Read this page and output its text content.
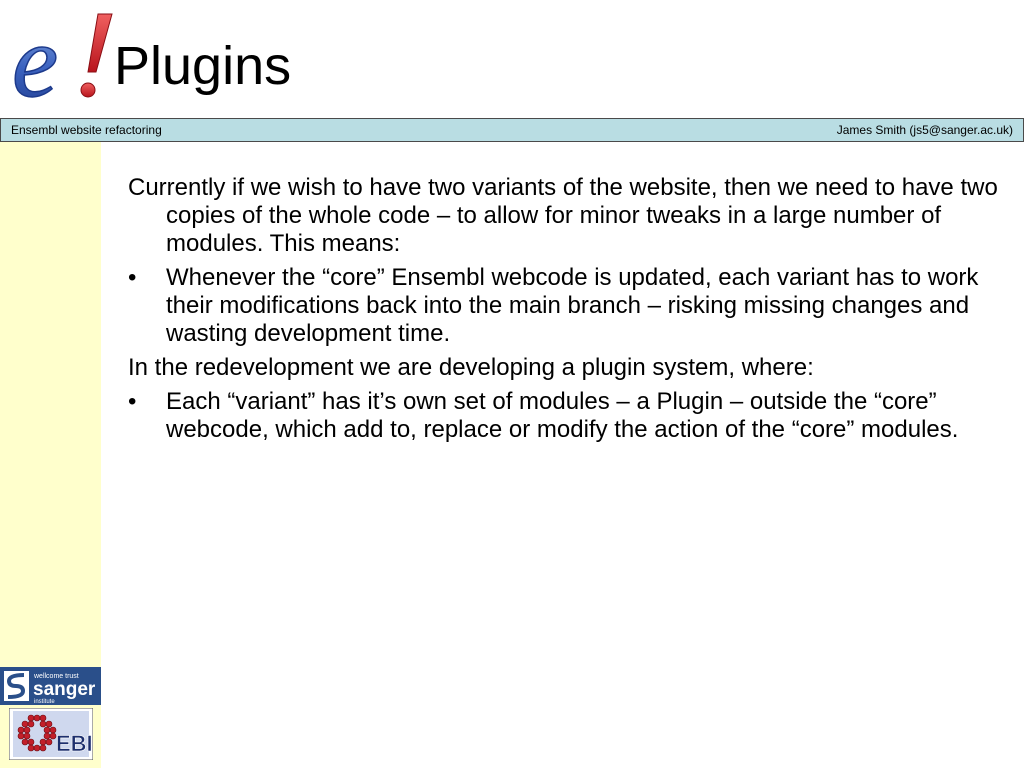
e Plugins
Ensembl website refactoring	James Smith (js5@sanger.ac.uk)
wellcome trust
sanger
institute
EBI

Currently if we wish to have two variants of the website, then we need to have two copies of the whole code – to allow for minor tweaks in a large number of modules. This means:

• Whenever the “core” Ensembl webcode is updated, each variant has to work their modifications back into the main branch – risking missing changes and wasting development time.

In the redevelopment we are developing a plugin system, where:

• Each “variant” has it’s own set of modules – a Plugin – outside the “core” webcode, which add to, replace or modify the action of the “core” modules.
